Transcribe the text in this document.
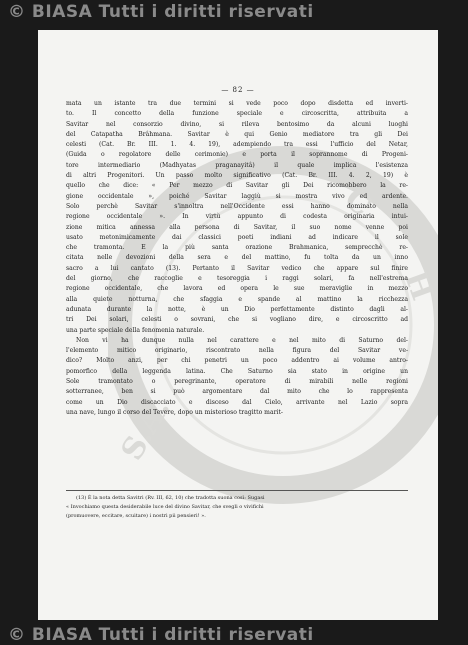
© BIASA Tutti i diritti riservati
S.A.
C
H
— 82 —
mata un istante tra due termini si vede poco dopo disdetta ed inverti-
to. Il concetto della funzione speciale e circoscritta, attribuita a
Savitar nel consorzio divino, si rileva bentosimo da alcuni luoghi
del Catapatha Brâhmana. Savitar è qui Genio mediatore tra gli Dei
celesti (Cat. Br. III. 1. 4. 19), adempiendo tra essi l'ufficio del Netar,
(Guida o regolatore delle cerimonie) e porta il soprannome di Progeni-
tore intermediario (Madhyatas praganayitâ) il quale implica l'esistenza
di altri Progenitori. Un passo molto significativo (Cat. Br. III. 4. 2, 19) è
quello che dice: « Per mezzo di Savitar gli Dei ricomobbero la re-
gione occidentale », poiché Savitar laggiù si mostra vivo ed ardente.
Solo perchè Savitar s'innoltra nell'Occidente essi hanno dominato nella
regione occidentale ». In virtù appunto di codesta originaria intui-
zione mitica annessa alla persona di Savitar, il suo nome venne poi
usato metonimicamente dai classici poeti indiani ad indicare il sole
che tramonta. E la più santa orazione Brahmanica, semprecchè re-
citata nelle devozioni della sera e del mattino, fu tolta da un inno
sacro a lui cantato (13). Pertanto il Savitar vedico che appare sul finire
del giorno, che raccoglie e tesoreggia i raggi solari, fa nell'estrema
regione occidentale, che lavora ed opera le sue meraviglie in mezzo
alla quiete notturna, che sfaggia e spande al mattino la ricchezza
adunata durante la notte, è un Dio perfettamente distinto dagli al-
tri Dei solari, celesti o sovrani, che si vogliano dire, e circoscritto ad
una parte speciale della fenomenia naturale.
Non vi ha dunque nulla nel carattere e nel mito di Saturno del-
l'elemento mitico originario, riscontrato nella figura del Savitar ve-
dico? Molto anzi, per chi penetri un poco addentro ai volume antro-
pomorfico della leggenda latina. Che Saturno sia stato in origine un
Sole tramontato o peregrinante, operatore di mirabili nelle regioni
sotterranee, ben si può argomentare dal mito che lo rappresenta
come un Dio discacciato e disceso dal Cielo, arrivante nel Lazio sopra
una nave, lungo il corso del Tevere, dopo un misterioso tragitto marit-
(13) È la nota detta Savitri (Rv. III, 62, 10) che tradotta suona così: Sugasi
« Invochiamo questa desiderabile luce del divino Savitar, che svegli o vivifichi
(promuovere, eccitare, scuitare) i nostri pii pensieri! ».
© BIASA Tutti i diritti riservati
